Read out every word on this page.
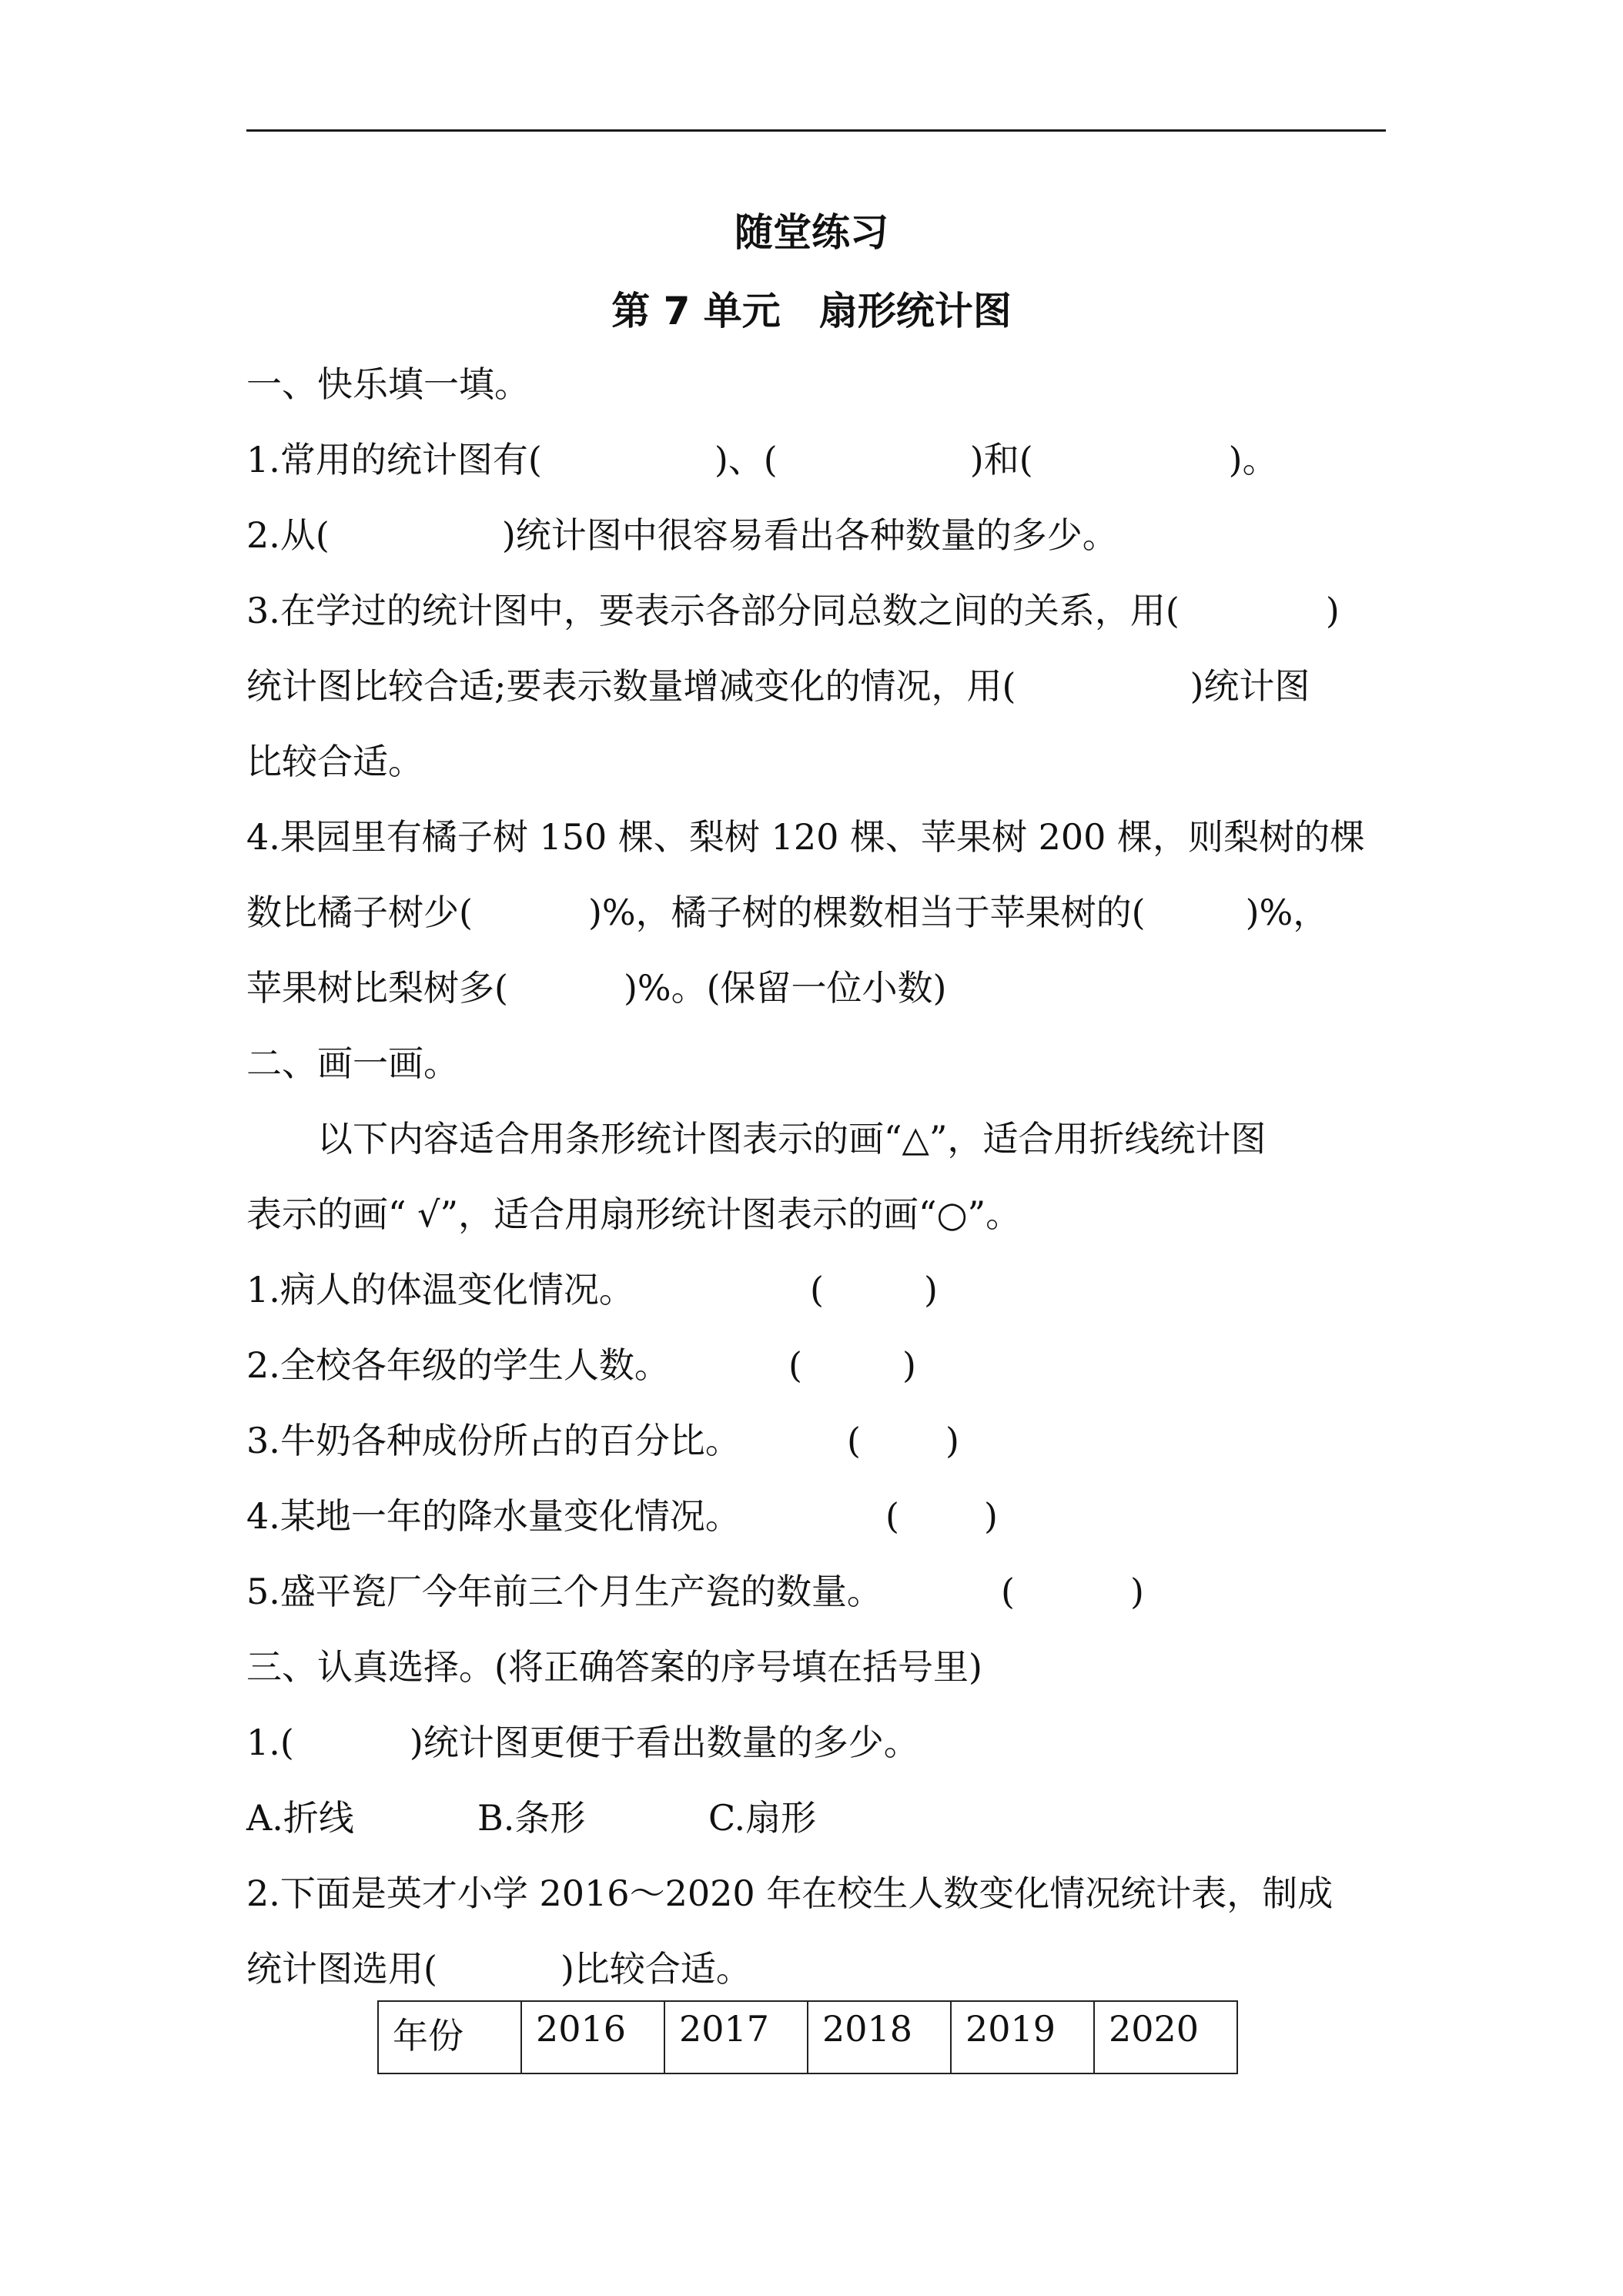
随堂练习
第 7 单元　扇形统计图
一、快乐填一填。
1.常用的统计图有(	)、(	)和(	)。
2.从(	)统计图中很容易看出各种数量的多少。
3.在学过的统计图中，要表示各部分同总数之间的关系，用(	)
统计图比较合适;要表示数量增减变化的情况，用(	)统计图
比较合适。
4.果园里有橘子树 150 棵、梨树 120 棵、苹果树 200 棵，则梨树的棵
数比橘子树少(	)%，橘子树的棵数相当于苹果树的(	)%，
苹果树比梨树多(	)%。(保留一位小数)
二、画一画。
以下内容适合用条形统计图表示的画“△”，适合用折线统计图
表示的画“ √”，适合用扇形统计图表示的画“○”。
1.病人的体温变化情况。	(	)
2.全校各年级的学生人数。	(	)
3.牛奶各种成份所占的百分比。	( )
4.某地一年的降水量变化情况。	( )
5.盛平瓷厂今年前三个月生产瓷的数量。	(	)
三、认真选择。(将正确答案的序号填在括号里)
1.(	)统计图更便于看出数量的多少。
A.折线	B.条形	C.扇形
2.下面是英才小学 2016～2020 年在校生人数变化情况统计表，制成
统计图选用(	)比较合适。
年份	2016	2017	2018	2019	2020
